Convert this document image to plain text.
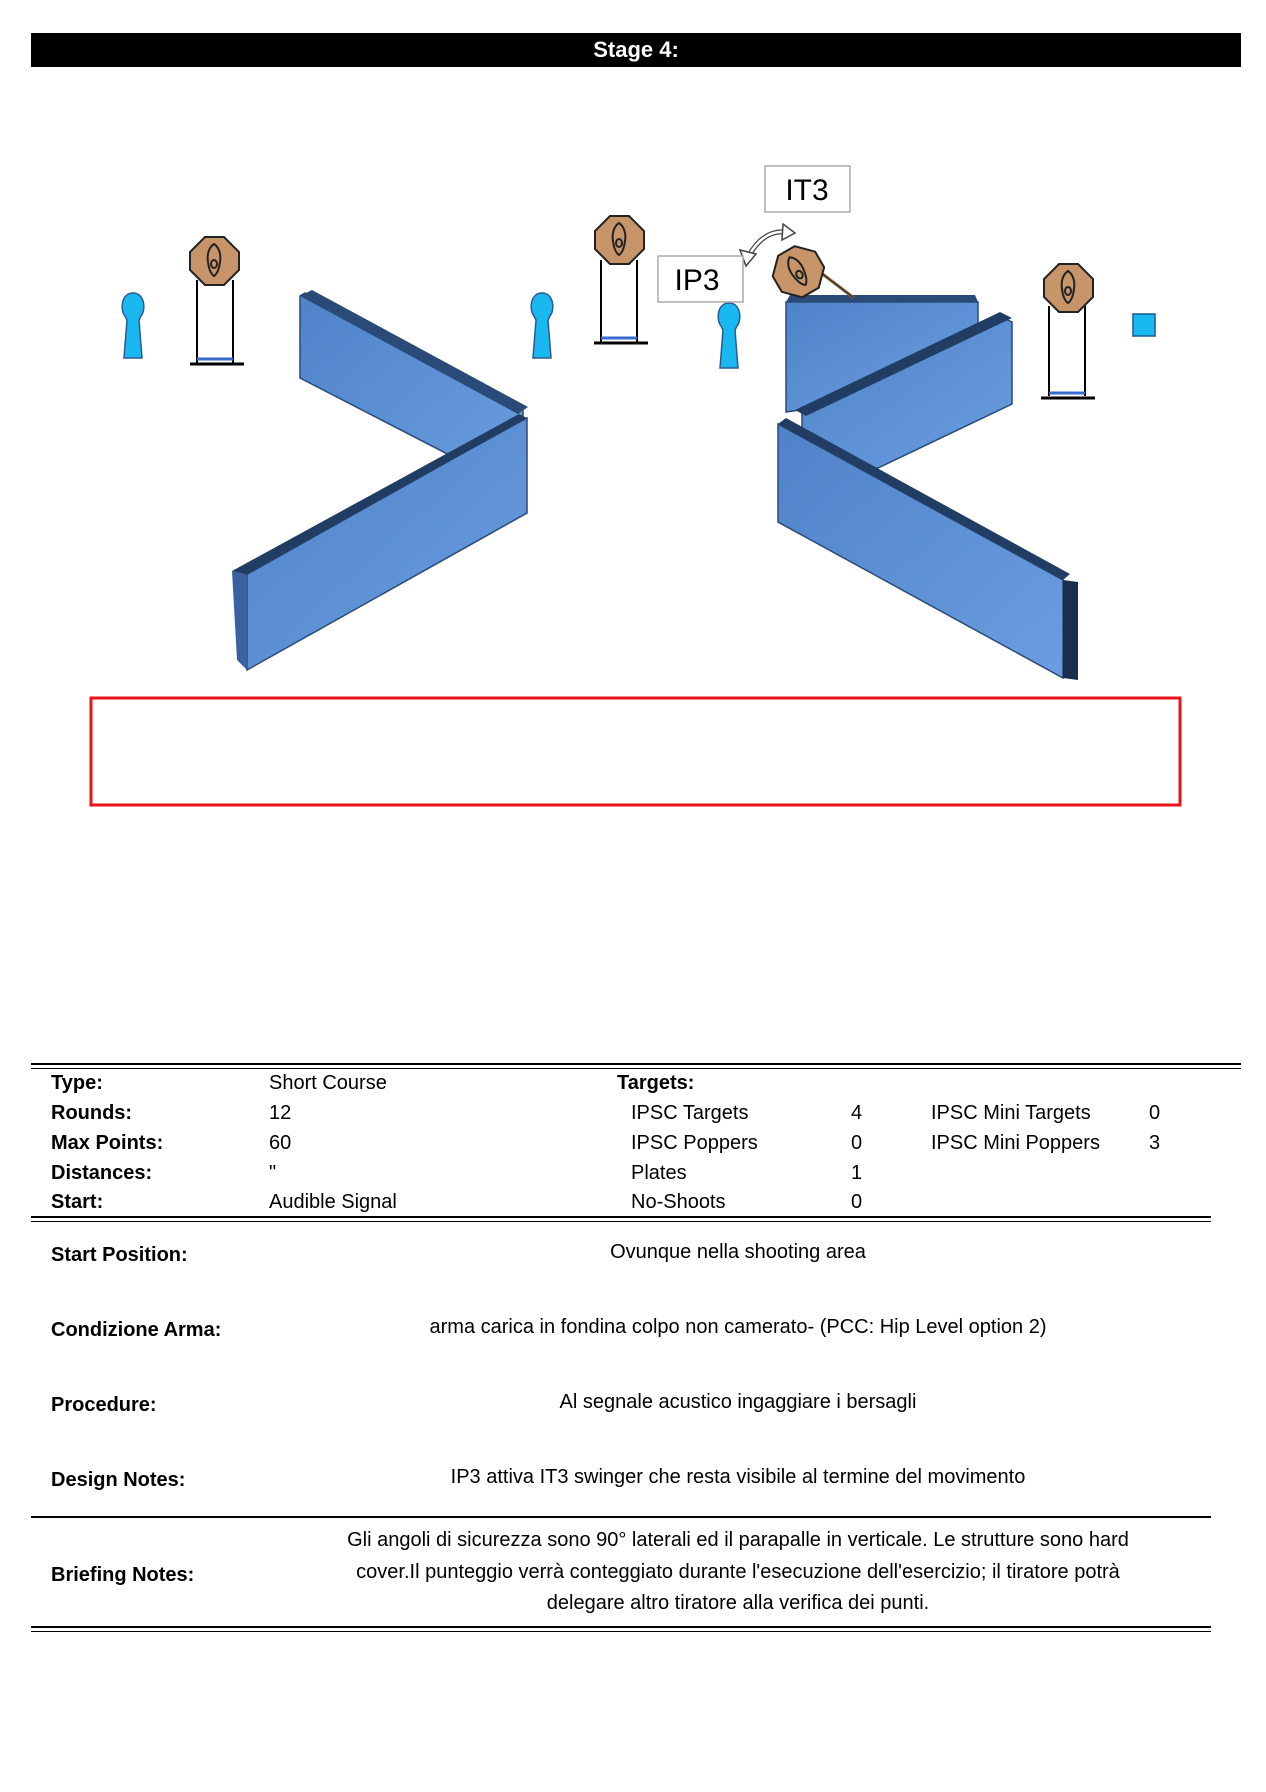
Stage 4:
IT3
IP3
Type:	Short Course	Targets:
Rounds:	12	IPSC Targets	4	IPSC Mini Targets	0
Max Points:	60	IPSC Poppers	0	IPSC Mini Poppers 3
Distances:	"	Plates	1
Start:	Audible Signal	No-Shoots	0
Start Position:	Ovunque nella shooting area
Condizione Arma:	arma carica in fondina colpo non camerato- (PCC: Hip Level option 2)
Procedure:	Al segnale acustico ingaggiare i bersagli
Design Notes:	IP3 attiva IT3 swinger che resta visibile al termine del movimento
Briefing Notes:
Gli angoli di sicurezza sono 90° laterali ed il parapalle in verticale. Le strutture sono hard
cover.Il punteggio verrà conteggiato durante l'esecuzione dell'esercizio; il tiratore potrà
delegare altro tiratore alla verifica dei punti.
